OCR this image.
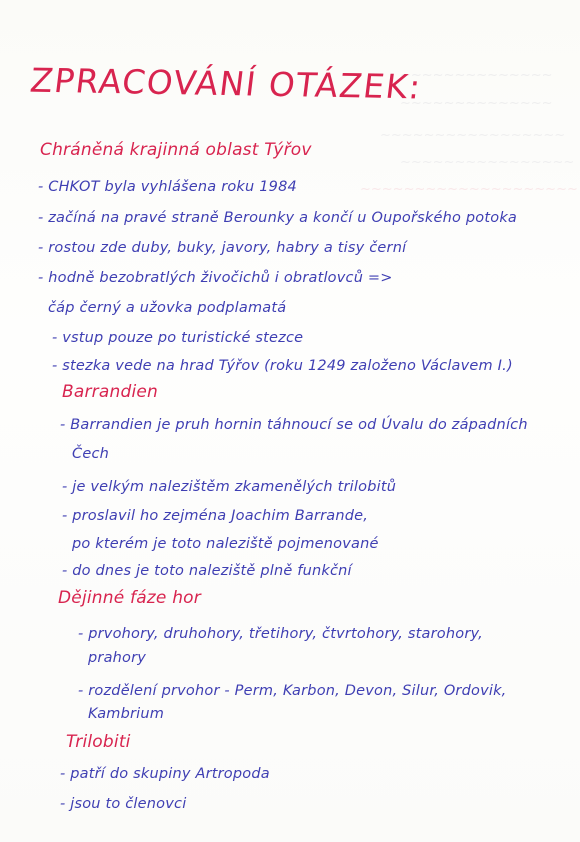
~~~~~~~~~~~~~~
~~~~~~~~~~~~~~
~~~~~~~~~~~~~~~~~
~~~~~~~~~~~~~~~~
~~~~~~~~~~~~~~~~~~~~
ZPRACOVÁNÍ OTÁZEK:
Chráněná krajinná oblast Týřov
- CHKOT byla vyhlášena roku 1984
- začíná na pravé straně Berounky a končí u Oupořského potoka
- rostou zde duby, buky, javory, habry a tisy černí
- hodně bezobratlých živočichů i obratlovců =>
čáp černý a užovka podplamatá
- vstup pouze po turistické stezce
- stezka vede na hrad Týřov (roku 1249 založeno Václavem I.)
Barrandien
- Barrandien je pruh hornin táhnoucí se od Úvalu do západních
Čech
- je velkým nalezištěm zkamenělých trilobitů
- proslavil ho zejména Joachim Barrande,
po kterém je toto naleziště pojmenované
- do dnes je toto naleziště plně funkční
Dějinné fáze hor
- prvohory, druhohory, třetihory, čtvrtohory, starohory,
prahory
- rozdělení prvohor - Perm, Karbon, Devon, Silur, Ordovik,
Kambrium
Trilobiti
- patří do skupiny Artropoda
- jsou to členovci
